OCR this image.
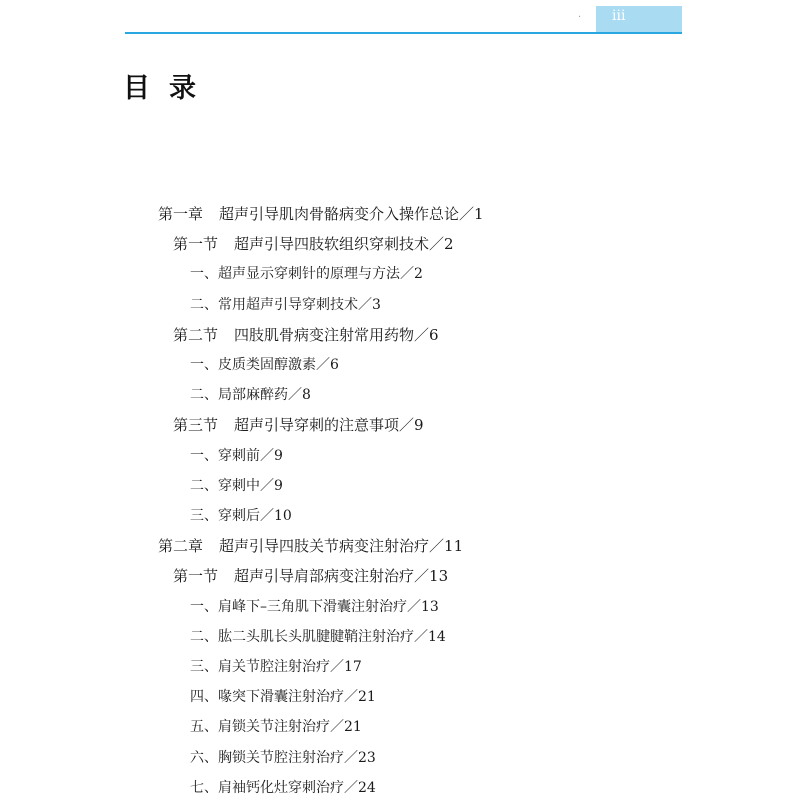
· iii
目录
第一章 超声引导肌肉骨骼病变介入操作总论／1
第一节 超声引导四肢软组织穿刺技术／2
一、超声显示穿刺针的原理与方法／2
二、常用超声引导穿刺技术／3
第二节 四肢肌骨病变注射常用药物／6
一、皮质类固醇激素／6
二、局部麻醉药／8
第三节 超声引导穿刺的注意事项／9
一、穿刺前／9
二、穿刺中／9
三、穿刺后／10
第二章 超声引导四肢关节病变注射治疗／11
第一节 超声引导肩部病变注射治疗／13
一、肩峰下–三角肌下滑囊注射治疗／13
二、肱二头肌长头肌腱腱鞘注射治疗／14
三、肩关节腔注射治疗／17
四、喙突下滑囊注射治疗／21
五、肩锁关节注射治疗／21
六、胸锁关节腔注射治疗／23
七、肩袖钙化灶穿刺治疗／24
